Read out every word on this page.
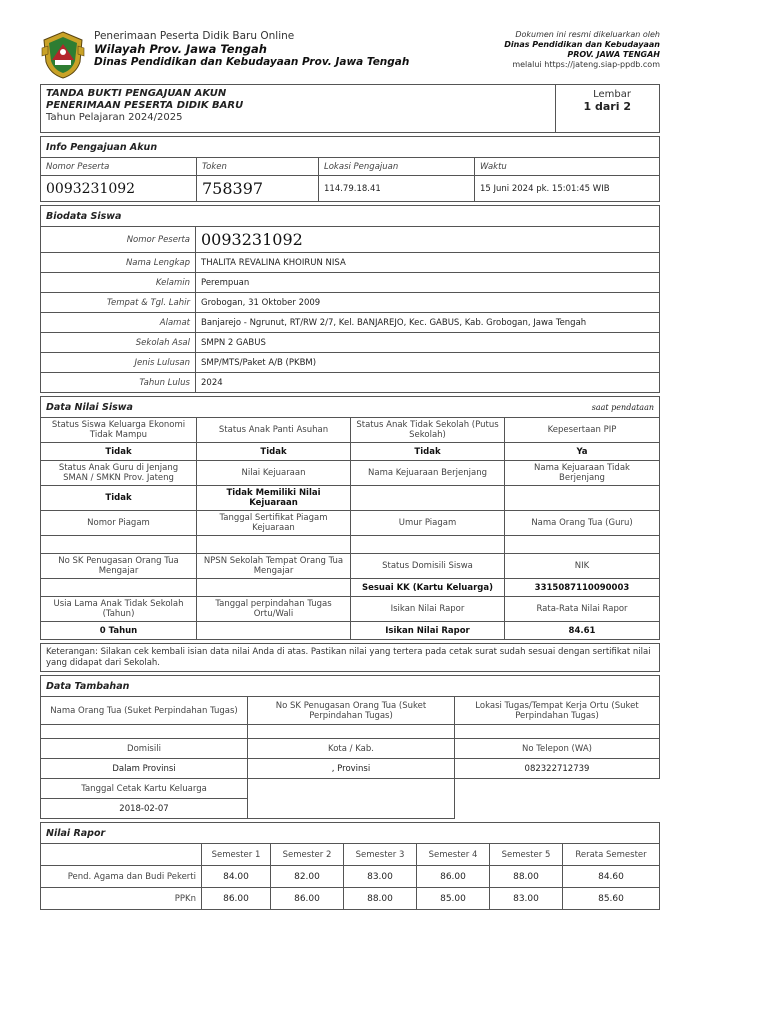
Penerimaan Peserta Didik Baru Online
Wilayah Prov. Jawa Tengah
Dinas Pendidikan dan Kebudayaan Prov. Jawa Tengah
Dokumen ini resmi dikeluarkan oleh
Dinas Pendidikan dan Kebudayaan
PROV. JAWA TENGAH
melalui https://jateng.siap-ppdb.com
TANDA BUKTI PENGAJUAN AKUN
PENERIMAAN PESERTA DIDIK BARU
Tahun Pelajaran 2024/2025

Lembar
1 dari 2
Info Pengajuan Akun			
Nomor Peserta	Token	Lokasi Pengajuan	Waktu
0093231092	758397	114.79.18.41	15 Juni 2024 pk. 15:01:45 WIB
Biodata Siswa	
Nomor Peserta	0093231092
Nama Lengkap	THALITA REVALINA KHOIRUN NISA
Kelamin	Perempuan
Tempat & Tgl. Lahir	Grobogan, 31 Oktober 2009
Alamat	Banjarejo - Ngrunut, RT/RW 2/7, Kel. BANJAREJO, Kec. GABUS, Kab. Grobogan, Jawa Tengah
Sekolah Asal	SMPN 2 GABUS
Jenis Lulusan	SMP/MTS/Paket A/B (PKBM)
Tahun Lulus	2024
Data Nilai Siswa		saat pendataan	
Status Siswa Keluarga Ekonomi Tidak Mampu	Status Anak Panti Asuhan	Status Anak Tidak Sekolah (Putus Sekolah)	Kepesertaan PIP
Tidak	Tidak	Tidak	Ya
Status Anak Guru di Jenjang SMAN / SMKN Prov. Jateng	Nilai Kejuaraan	Nama Kejuaraan Berjenjang	Nama Kejuaraan Tidak Berjenjang
Tidak	Tidak Memiliki Nilai Kejuaraan		
Nomor Piagam	Tanggal Sertifikat Piagam Kejuaraan	Umur Piagam	Nama Orang Tua (Guru)

No SK Penugasan Orang Tua Mengajar	NPSN Sekolah Tempat Orang Tua Mengajar	Status Domisili Siswa	NIK
		Sesuai KK (Kartu Keluarga)	3315087110090003
Usia Lama Anak Tidak Sekolah (Tahun)	Tanggal perpindahan Tugas Ortu/Wali	Isikan Nilai Rapor	Rata-Rata Nilai Rapor
0 Tahun		Isikan Nilai Rapor	84.61
Keterangan: Silakan cek kembali isian data nilai Anda di atas. Pastikan nilai yang tertera pada cetak surat sudah sesuai dengan sertifikat nilai yang didapat dari Sekolah.
Data Tambahan		
Nama Orang Tua (Suket Perpindahan Tugas)	No SK Penugasan Orang Tua (Suket Perpindahan Tugas)	Lokasi Tugas/Tempat Kerja Ortu (Suket Perpindahan Tugas)

Domisili	Kota / Kab.	No Telepon (WA)
Dalam Provinsi	, Provinsi	082322712739
Tanggal Cetak Kartu Keluarga		
2018-02-07		
Nilai Rapor						
	Semester 1	Semester 2	Semester 3	Semester 4	Semester 5	Rerata Semester
Pend. Agama dan Budi Pekerti	84.00	82.00	83.00	86.00	88.00	84.60
PPKn	86.00	86.00	88.00	85.00	83.00	85.60
